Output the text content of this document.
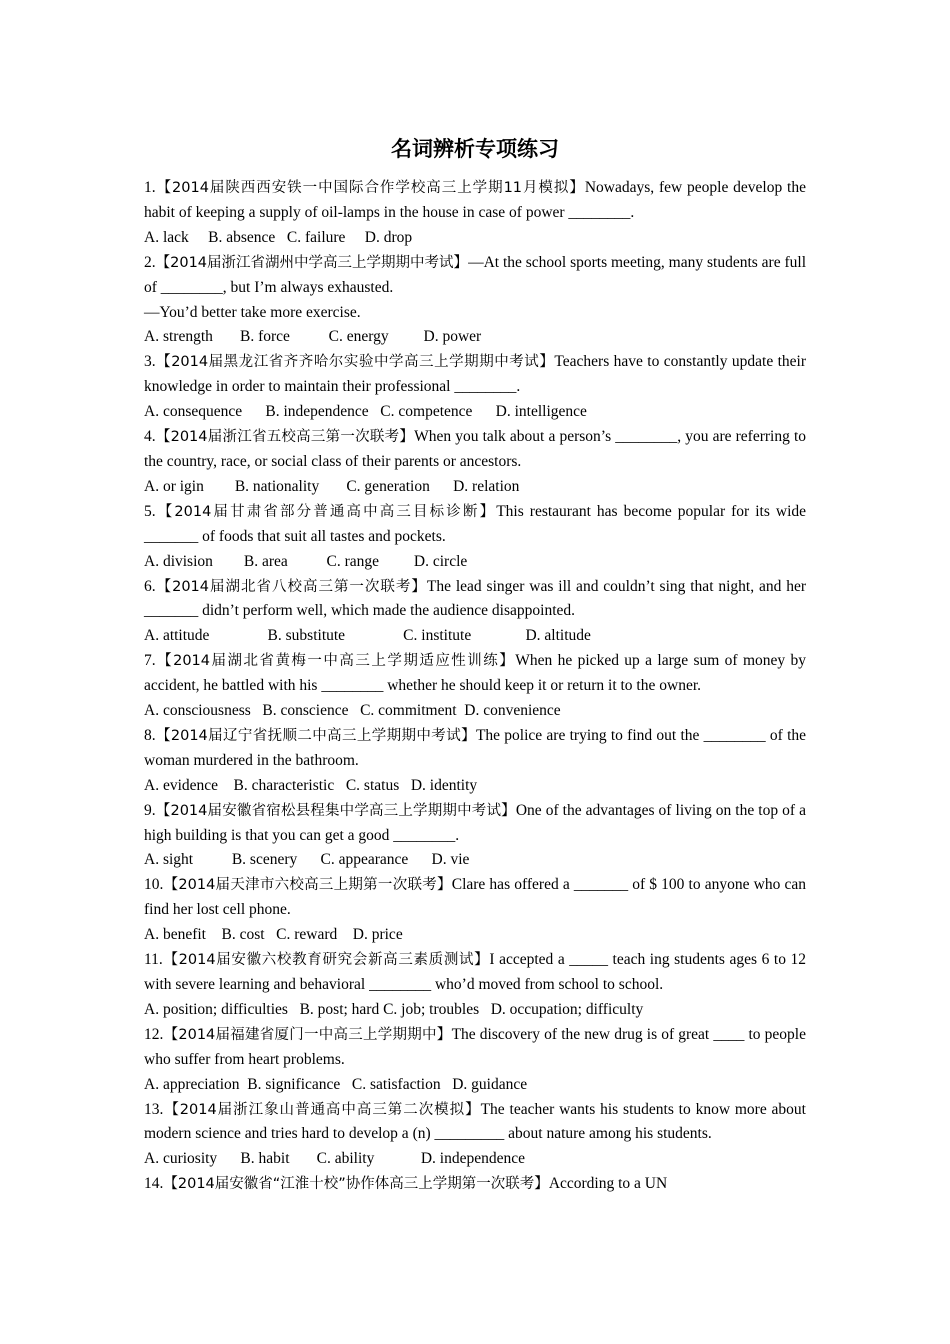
名词辨析专项练习

1.【2014届陕西西安铁一中国际合作学校高三上学期11月模拟】Nowadays, few people develop the habit of keeping a supply of oil-lamps in the house in case of power ________.

A. lack     B. absence   C. failure     D. drop

2.【2014届浙江省湖州中学高三上学期期中考试】—At the school sports meeting, many students are full of ________, but I’m always exhausted.

—You’d better take more exercise.

A. strength       B. force          C. energy         D. power

3.【2014届黑龙江省齐齐哈尔实验中学高三上学期期中考试】Teachers have to constantly update their knowledge in order to maintain their professional ________.

A. consequence      B. independence   C. competence      D. intelligence

4.【2014届浙江省五校高三第一次联考】When you talk about a person’s ________, you are referring to the country, race, or social class of their parents or ancestors.

A. or igin        B. nationality       C. generation      D. relation

5.【2014届甘肃省部分普通高中高三目标诊断】This restaurant has become popular for its wide _______ of foods that suit all tastes and pockets.

A. division        B. area          C. range         D. circle

6.【2014届湖北省八校高三第一次联考】The lead singer was ill and couldn’t sing that night, and her _______ didn’t perform well, which made the audience disappointed.

A. attitude               B. substitute               C. institute              D. altitude

7.【2014届湖北省黄梅一中高三上学期适应性训练】When he picked up a large sum of money by accident, he battled with his ________ whether he should keep it or return it to the owner.

A. consciousness   B. conscience   C. commitment  D. convenience

8.【2014届辽宁省抚顺二中高三上学期期中考试】The police are trying to find out the ________ of the woman murdered in the bathroom.

A. evidence    B. characteristic   C. status   D. identity

9.【2014届安徽省宿松县程集中学高三上学期期中考试】One of the advantages of living on the top of a high building is that you can get a good ________.

A. sight          B. scenery      C. appearance      D. vie

10.【2014届天津市六校高三上期第一次联考】Clare has offered a _______ of $ 100 to anyone who can find her lost cell phone.

A. benefit    B. cost   C. reward    D. price

11.【2014届安徽六校教育研究会新高三素质测试】I accepted a _____ teach ing students ages 6 to 12 with severe learning and behavioral ________ who’d moved from school to school.

A. position; difficulties   B. post; hard C. job; troubles   D. occupation; difficulty

12.【2014届福建省厦门一中高三上学期期中】The discovery of the new drug is of great ____ to people who suffer from heart problems.

A. appreciation  B. significance   C. satisfaction   D. guidance

13.【2014届浙江象山普通高中高三第二次模拟】The teacher wants his students to know more about modern science and tries hard to develop a (n) _________ about nature among his students.

A. curiosity      B. habit       C. ability            D. independence

14.【2014届安徽省“江淮十校”协作体高三上学期第一次联考】According to a UN
